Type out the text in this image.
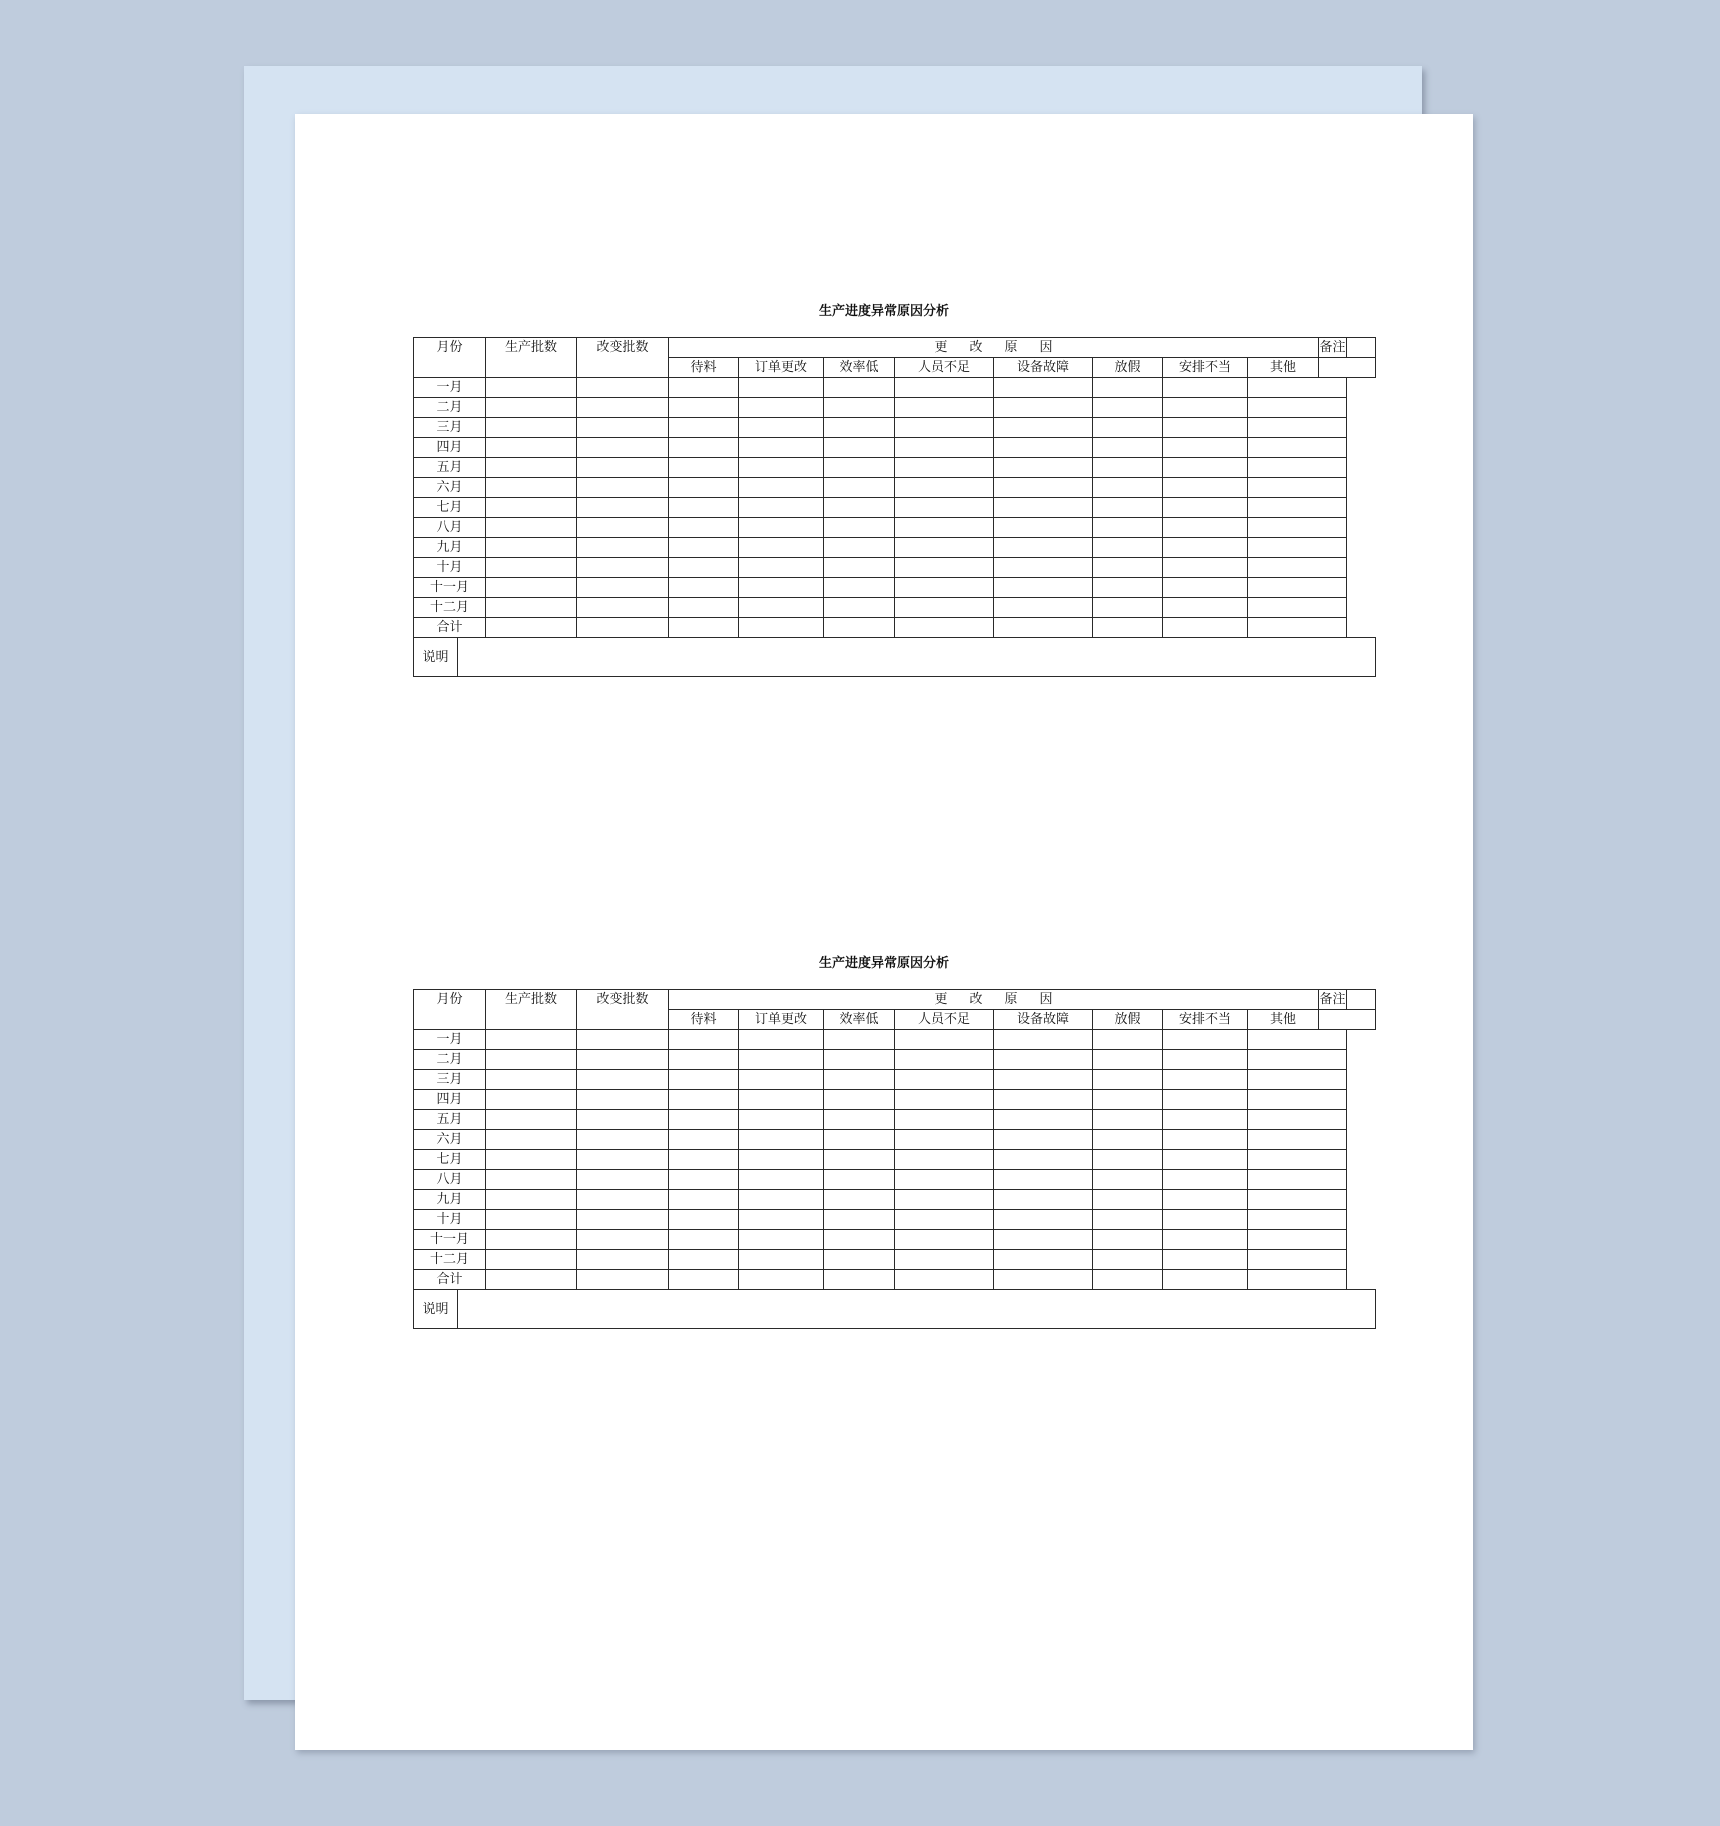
生产进度异常原因分析
月份		生产批数	改变批数	更改原因								备注	
				待料	订单更改	效率低	人员不足	设备故障	放假	安排不当	其他		
一月													
二月													
三月													
四月													
五月													
六月													
七月													
八月													
九月													
十月													
十一月													
十二月													
合计													
说明													
生产进度异常原因分析
月份		生产批数	改变批数	更改原因								备注	
				待料	订单更改	效率低	人员不足	设备故障	放假	安排不当	其他		
一月													
二月													
三月													
四月													
五月													
六月													
七月													
八月													
九月													
十月													
十一月													
十二月													
合计													
说明													
